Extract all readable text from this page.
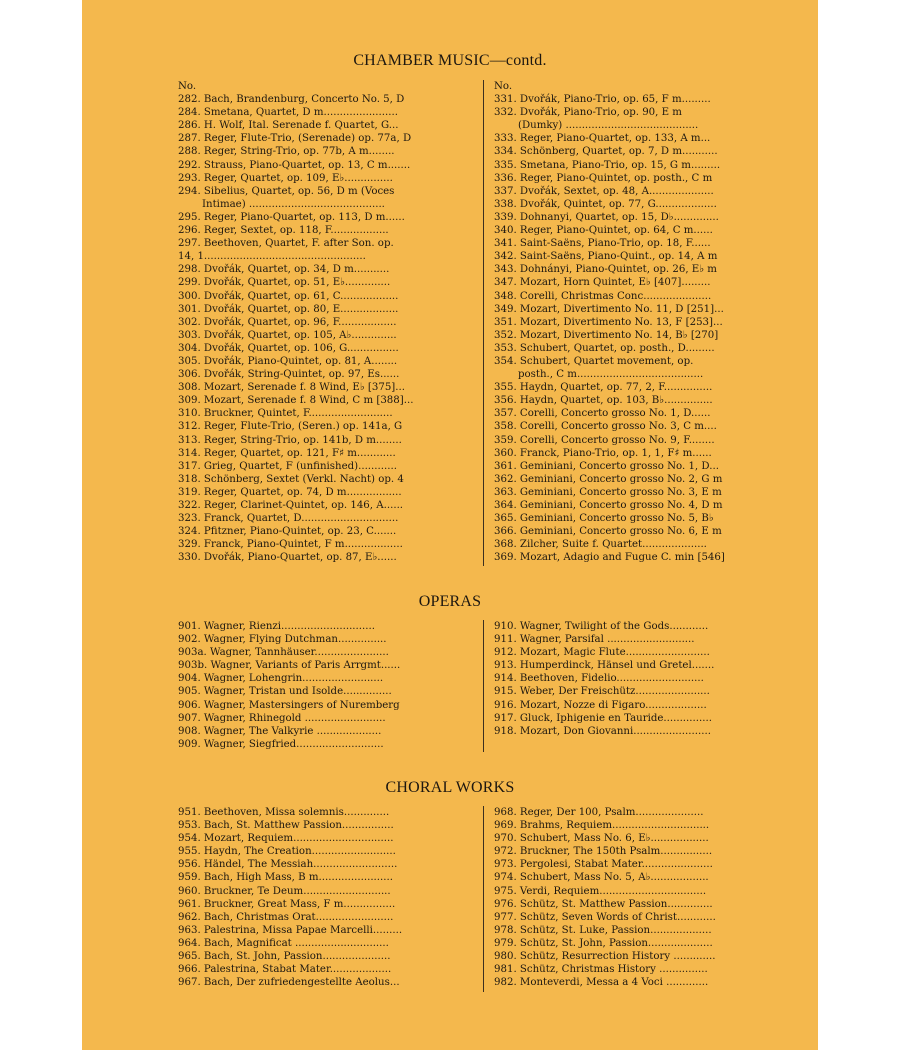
CHAMBER MUSIC—contd.
No.
282. Bach, Brandenburg, Concerto No. 5, D
284. Smetana, Quartet, D m.......................
286. H. Wolf, Ital. Serenade f. Quartet, G...
287. Reger, Flute-Trio, (Serenade) op. 77a, D
288. Reger, String-Trio, op. 77b, A m........
292. Strauss, Piano-Quartet, op. 13, C m.......
293. Reger, Quartet, op. 109, E♭...............
294. Sibelius, Quartet, op. 56, D m (Voces
Intimae) ..........................................
295. Reger, Piano-Quartet, op. 113, D m......
296. Reger, Sextet, op. 118, F..................
297. Beethoven, Quartet, F. after Son. op.
14, 1..................................................
298. Dvořák, Quartet, op. 34, D m...........
299. Dvořák, Quartet, op. 51, E♭..............
300. Dvořák, Quartet, op. 61, C..................
301. Dvořák, Quartet, op. 80, E..................
302. Dvořák, Quartet, op. 96, F..................
303. Dvořák, Quartet, op. 105, A♭..............
304. Dvořák, Quartet, op. 106, G................
305. Dvořák, Piano-Quintet, op. 81, A........
306. Dvořák, String-Quintet, op. 97, Es......
308. Mozart, Serenade f. 8 Wind, E♭ [375]...
309. Mozart, Serenade f. 8 Wind, C m [388]...
310. Bruckner, Quintet, F..........................
312. Reger, Flute-Trio, (Seren.) op. 141a, G
313. Reger, String-Trio, op. 141b, D m........
314. Reger, Quartet, op. 121, F♯ m............
317. Grieg, Quartet, F (unfinished)............
318. Schönberg, Sextet (Verkl. Nacht) op. 4
319. Reger, Quartet, op. 74, D m.................
322. Reger, Clarinet-Quintet, op. 146, A......
323. Franck, Quartet, D..............................
324. Pfitzner, Piano-Quintet, op. 23, C.......
329. Franck, Piano-Quintet, F m..................
330. Dvořák, Piano-Quartet, op. 87, E♭......
No.
331. Dvořák, Piano-Trio, op. 65, F m.........
332. Dvořák, Piano-Trio, op. 90, E m
(Dumky) .........................................
333. Reger, Piano-Quartet, op. 133, A m...
334. Schönberg, Quartet, op. 7, D m...........
335. Smetana, Piano-Trio, op. 15, G m.........
336. Reger, Piano-Quintet, op. posth., C m
337. Dvořák, Sextet, op. 48, A....................
338. Dvořák, Quintet, op. 77, G...................
339. Dohnanyi, Quartet, op. 15, D♭..............
340. Reger, Piano-Quintet, op. 64, C m......
341. Saint-Saëns, Piano-Trio, op. 18, F......
342. Saint-Saëns, Piano-Quint., op. 14, A m
343. Dohnányi, Piano-Quintet, op. 26, E♭ m
347. Mozart, Horn Quintet, E♭ [407].........
348. Corelli, Christmas Conc.....................
349. Mozart, Divertimento No. 11, D [251]...
351. Mozart, Divertimento No. 13, F [253]...
352. Mozart, Divertimento No. 14, B♭ [270]
353. Schubert, Quartet, op. posth., D.........
354. Schubert, Quartet movement, op.
posth., C m.......................................
355. Haydn, Quartet, op. 77, 2, F...............
356. Haydn, Quartet, op. 103, B♭...............
357. Corelli, Concerto grosso No. 1, D......
358. Corelli, Concerto grosso No. 3, C m....
359. Corelli, Concerto grosso No. 9, F........
360. Franck, Piano-Trio, op. 1, 1, F♯ m......
361. Geminiani, Concerto grosso No. 1, D...
362. Geminiani, Concerto grosso No. 2, G m
363. Geminiani, Concerto grosso No. 3, E m
364. Geminiani, Concerto grosso No. 4, D m
365. Geminiani, Concerto grosso No. 5, B♭
366. Geminiani, Concerto grosso No. 6, E m
368. Zilcher, Suite f. Quartet....................
369. Mozart, Adagio and Fugue C. min [546]
OPERAS
901. Wagner, Rienzi.............................
902. Wagner, Flying Dutchman...............
903a. Wagner, Tannhäuser.......................
903b. Wagner, Variants of Paris Arrgmt......
904. Wagner, Lohengrin.........................
905. Wagner, Tristan und Isolde...............
906. Wagner, Mastersingers of Nuremberg
907. Wagner, Rhinegold .........................
908. Wagner, The Valkyrie ....................
909. Wagner, Siegfried...........................
910. Wagner, Twilight of the Gods............
911. Wagner, Parsifal ...........................
912. Mozart, Magic Flute..........................
913. Humperdinck, Hänsel und Gretel.......
914. Beethoven, Fidelio...........................
915. Weber, Der Freischütz.......................
916. Mozart, Nozze di Figaro...................
917. Gluck, Iphigenie en Tauride...............
918. Mozart, Don Giovanni........................
CHORAL WORKS
951. Beethoven, Missa solemnis..............
953. Bach, St. Matthew Passion................
954. Mozart, Requiem...............................
955. Haydn, The Creation..........................
956. Händel, The Messiah..........................
959. Bach, High Mass, B m.......................
960. Bruckner, Te Deum...........................
961. Bruckner, Great Mass, F m................
962. Bach, Christmas Orat........................
963. Palestrina, Missa Papae Marcelli.........
964. Bach, Magnificat .............................
965. Bach, St. John, Passion.....................
966. Palestrina, Stabat Mater...................
967. Bach, Der zufriedengestellte Aeolus...
968. Reger, Der 100, Psalm.....................
969. Brahms, Requiem..............................
970. Schubert, Mass No. 6, E♭..................
972. Bruckner, The 150th Psalm................
973. Pergolesi, Stabat Mater......................
974. Schubert, Mass No. 5, A♭..................
975. Verdi, Requiem.................................
976. Schütz, St. Matthew Passion..............
977. Schütz, Seven Words of Christ............
978. Schütz, St. Luke, Passion...................
979. Schütz, St. John, Passion....................
980. Schütz, Resurrection History .............
981. Schütz, Christmas History ...............
982. Monteverdi, Messa a 4 Voci .............
